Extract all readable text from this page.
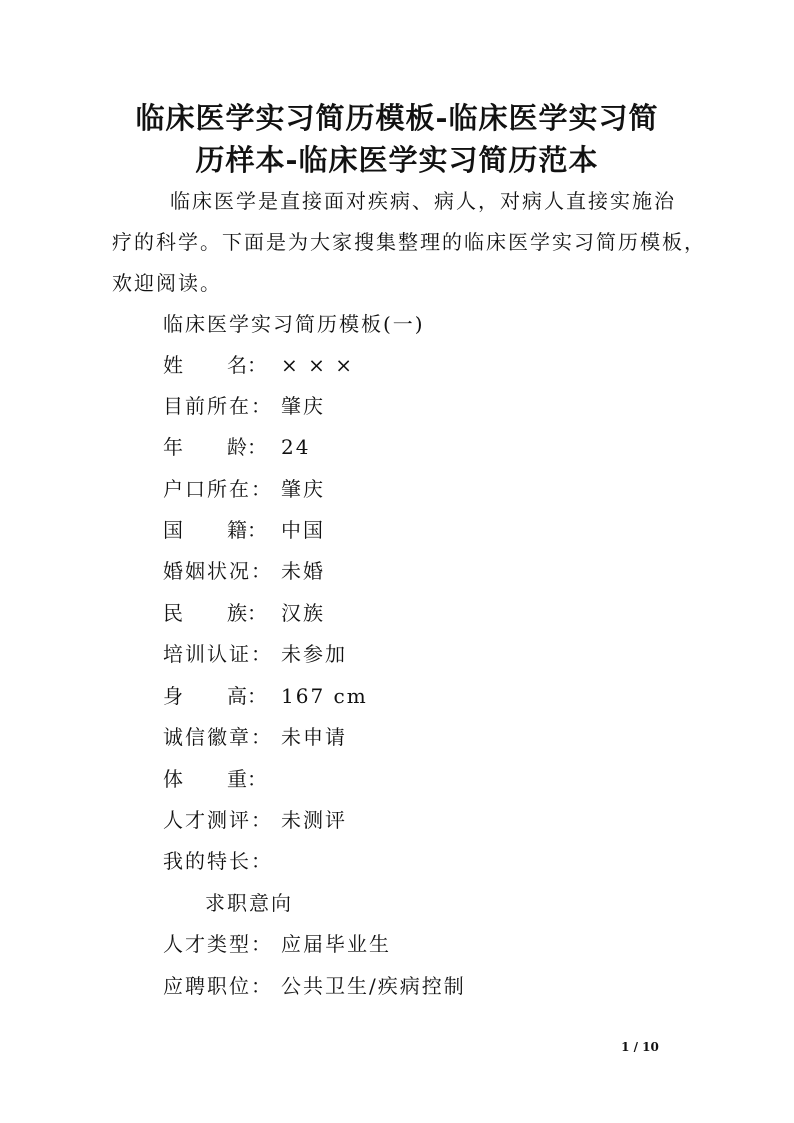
临床医学实习简历模板-临床医学实习简
历样本-临床医学实习简历范本
临床医学是直接面对疾病、病人，对病人直接实施治
疗的科学。下面是为大家搜集整理的临床医学实习简历模板，
欢迎阅读。
临床医学实习简历模板(一)
姓 名： × × ×
目前所在： 肇庆
年 龄： 24
户口所在： 肇庆
国 籍： 中国
婚姻状况： 未婚
民 族： 汉族
培训认证： 未参加
身 高： 167 cm
诚信徽章： 未申请
体 重：
人才测评： 未测评
我的特长：
求职意向
人才类型： 应届毕业生
应聘职位： 公共卫生/疾病控制
1 / 10
